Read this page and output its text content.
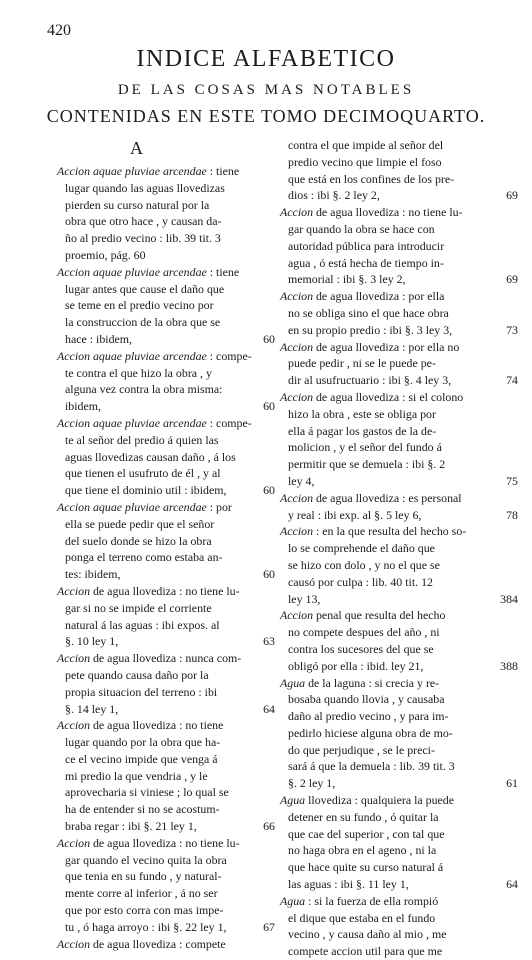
420
INDICE ALFABETICO
DE LAS COSAS MAS NOTABLES
CONTENIDAS EN ESTE TOMO DECIMOQUARTO.
A
Accion aquae pluviae arcendae : tiene
lugar quando las aguas llovedizas
pierden su curso natural por la
obra que otro hace , y causan da-
ño al predio vecino : lib. 39 tit. 3
proemio, pág. 60
Accion aquae pluviae arcendae : tiene
lugar antes que cause el daño que
se teme en el predio vecino por
la construccion de la obra que se
hace : ibidem,	60
Accion aquae pluviae arcendae : compe-
te contra el que hizo la obra , y
alguna vez contra la obra misma:
ibidem,	60
Accion aquae pluviae arcendae : compe-
te al señor del predio á quien las
aguas llovedizas causan daño , á los
que tienen el usufruto de él , y al
que tiene el dominio util : ibidem,	60
Accion aquae pluviae arcendae : por
ella se puede pedir que el señor
del suelo donde se hizo la obra
ponga el terreno como estaba an-
tes: ibidem,	60
Accion de agua llovediza : no tiene lu-
gar si no se impide el corriente
natural á las aguas : ibi expos. al
§. 10 ley 1,	63
Accion de agua llovediza : nunca com-
pete quando causa daño por la
propia situacion del terreno : ibi
§. 14 ley 1,	64
Accion de agua llovediza : no tiene
lugar quando por la obra que ha-
ce el vecino impide que venga á
mi predio la que vendria , y le
aprovecharia si viniese ; lo qual se
ha de entender si no se acostum-
braba regar : ibi §. 21 ley 1,	66
Accion de agua llovediza : no tiene lu-
gar quando el vecino quita la obra
que tenia en su fundo , y natural-
mente corre al inferior , á no ser
que por esto corra con mas impe-
tu , ó haga arroyo : ibi §. 22 ley 1,	67
Accion de agua llovediza : compete
contra el que impide al señor del
predio vecino que limpie el foso
que está en los confines de los pre-
dios : ibi §. 2 ley 2,	69
Accion de agua llovediza : no tiene lu-
gar quando la obra se hace con
autoridad pública para introducir
agua , ó está hecha de tiempo in-
memorial : ibi §. 3 ley 2,	69
Accion de agua llovediza : por ella
no se obliga sino el que hace obra
en su propio predio : ibi §. 3 ley 3,	73
Accion de agua llovediza : por ella no
puede pedir , ni se le puede pe-
dir al usufructuario : ibi §. 4 ley 3,	74
Accion de agua llovediza : si el colono
hizo la obra , este se obliga por
ella á pagar los gastos de la de-
molicion , y el señor del fundo á
permitir que se demuela : ibi §. 2
ley 4,	75
Accion de agua llovediza : es personal
y real : ibi exp. al §. 5 ley 6,	78
Accion : en la que resulta del hecho so-
lo se comprehende el daño que
se hizo con dolo , y no el que se
causó por culpa : lib. 40 tit. 12
ley 13,	384
Accion penal que resulta del hecho
no compete despues del año , ni
contra los sucesores del que se
obligó por ella : ibid. ley 21,	388
Agua de la laguna : si crecia y re-
bosaba quando llovia , y causaba
daño al predio vecino , y para im-
pedirlo hiciese alguna obra de mo-
do que perjudique , se le preci-
sará á que la demuela : lib. 39 tit. 3
§. 2 ley 1,	61
Agua llovediza : qualquiera la puede
detener en su fundo , ó quitar la
que cae del superior , con tal que
no haga obra en el ageno , ni la
que hace quite su curso natural á
las aguas : ibi §. 11 ley 1,	64
Agua : si la fuerza de ella rompió
el dique que estaba en el fundo
vecino , y causa daño al mio , me
compete accion util para que me
